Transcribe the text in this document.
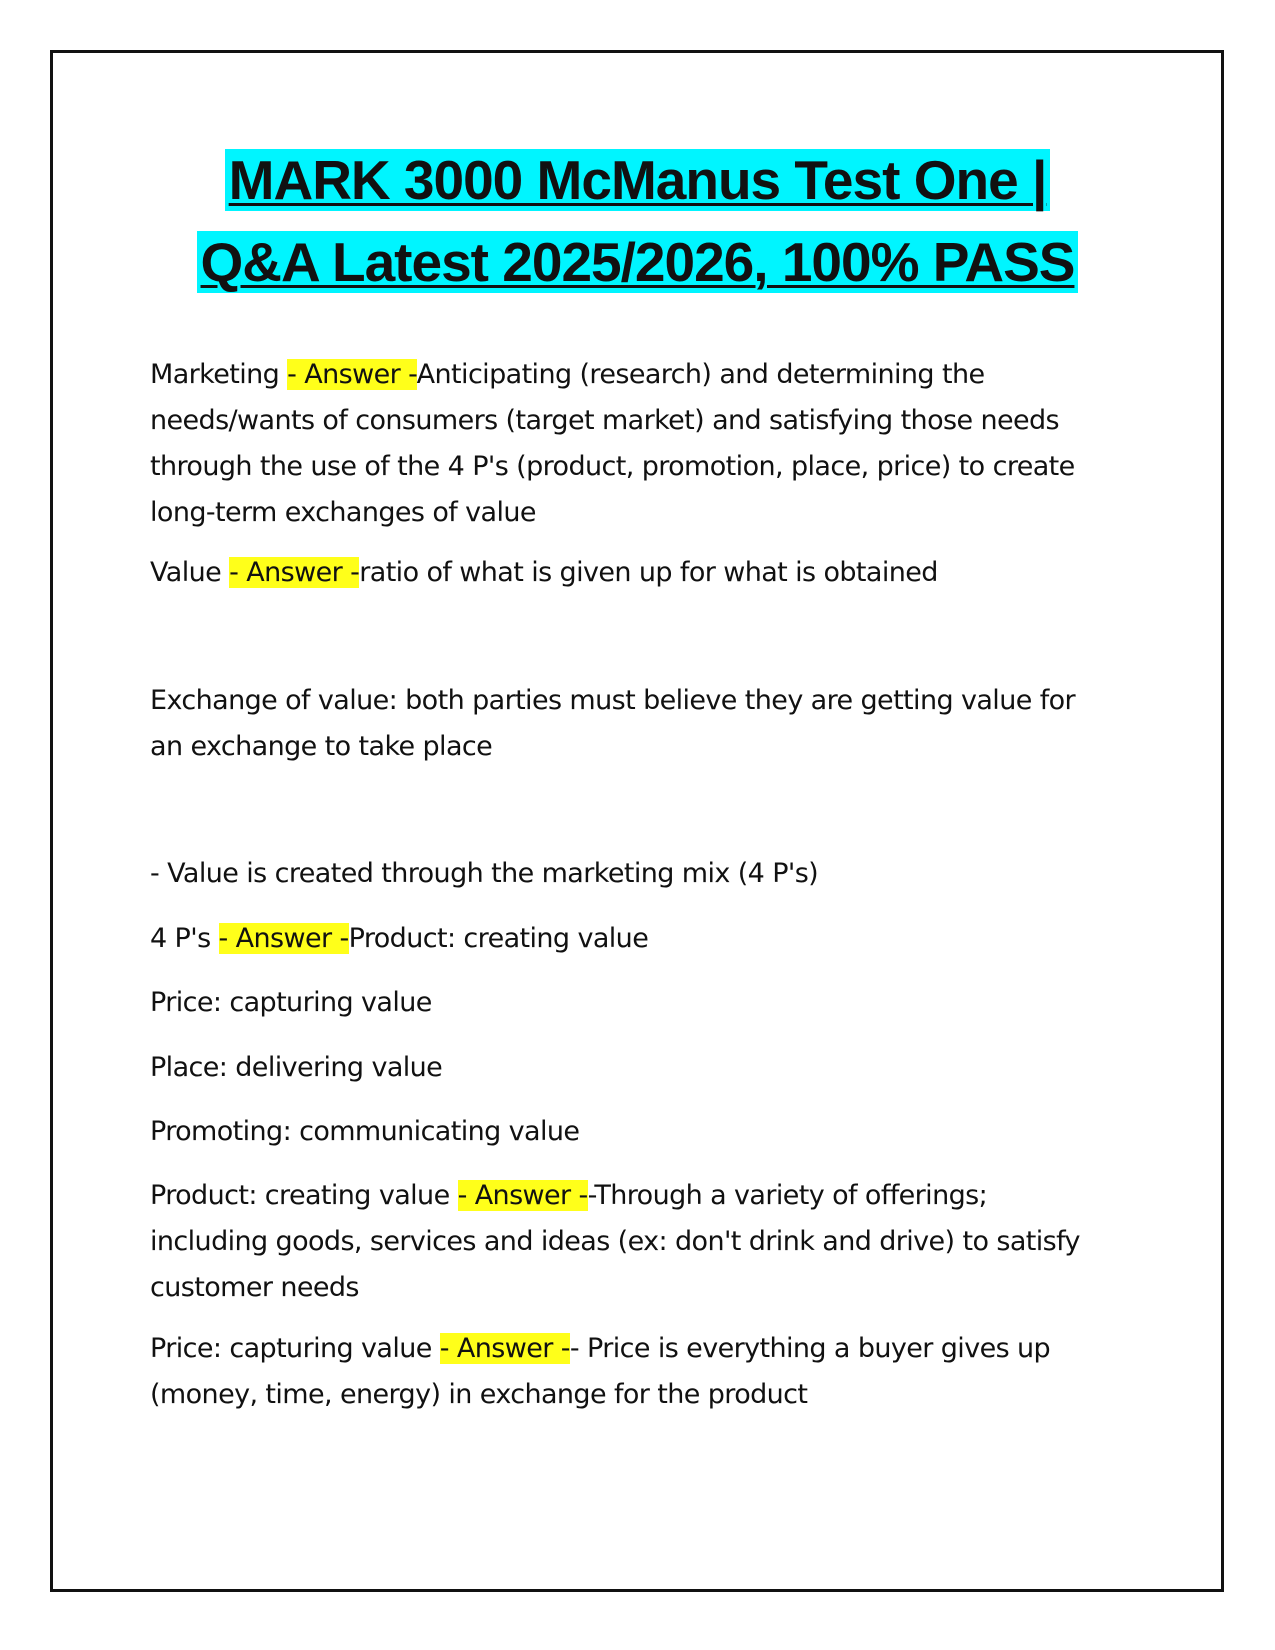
MARK 3000 McManus Test One |
Q&A Latest 2025/2026, 100% PASS
Marketing - Answer -Anticipating (research) and determining the
needs/wants of consumers (target market) and satisfying those needs
through the use of the 4 P's (product, promotion, place, price) to create
long-term exchanges of value
Value - Answer -ratio of what is given up for what is obtained
Exchange of value: both parties must believe they are getting value for
an exchange to take place
- Value is created through the marketing mix (4 P's)
4 P's - Answer -Product: creating value
Price: capturing value
Place: delivering value
Promoting: communicating value
Product: creating value - Answer --Through a variety of offerings;
including goods, services and ideas (ex: don't drink and drive) to satisfy
customer needs
Price: capturing value - Answer -- Price is everything a buyer gives up
(money, time, energy) in exchange for the product
